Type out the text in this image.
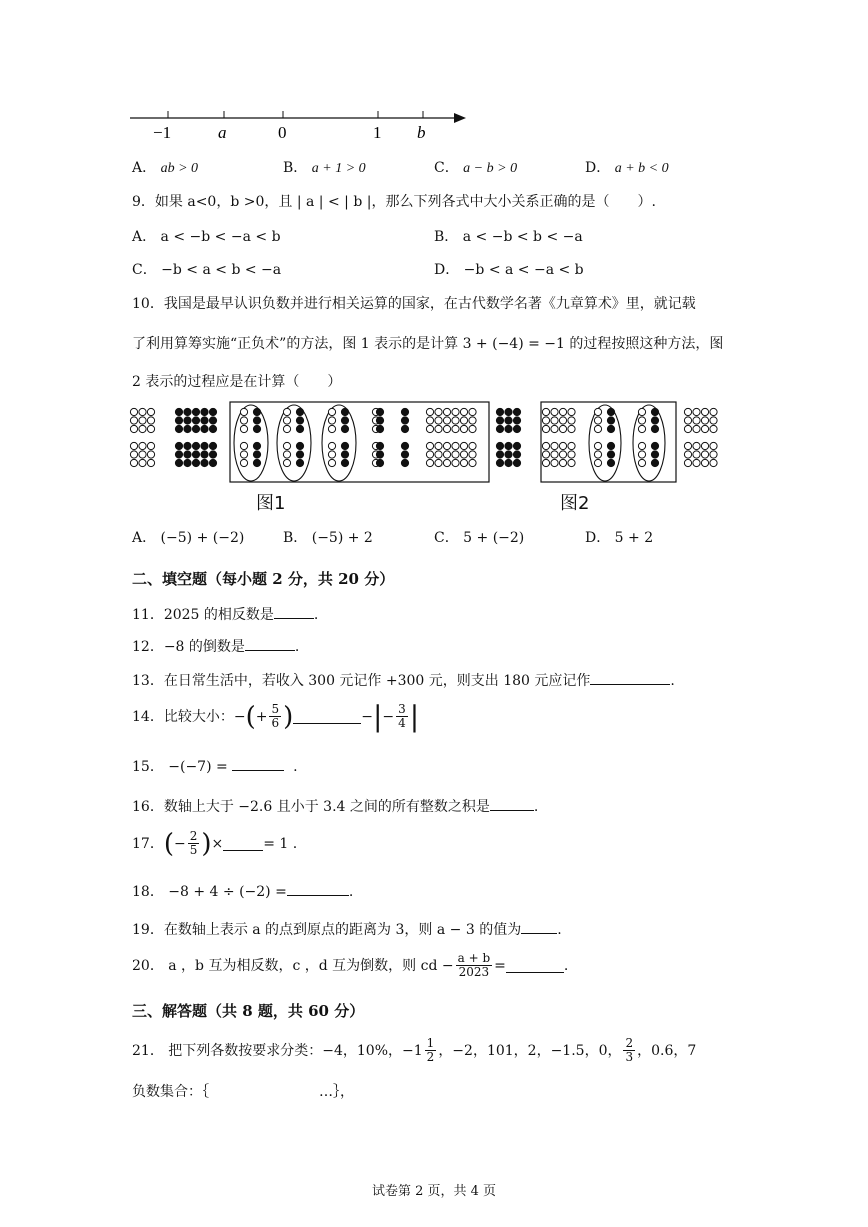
−1	a	0	1 b
A． ab > 0	B． a + 1 > 0	C． a − b > 0	D． a + b < 0
9．如果 a<0，b >0，且 | a | < | b |，那么下列各式中大小关系正确的是（　　）.
A． a < −b < −a < b	B． a < −b < b < −a
C． −b < a < b < −a	D． −b < a < −a < b
10．我国是最早认识负数并进行相关运算的国家，在古代数学名著《九章算术》里，就记载
了利用算筹实施“正负术”的方法，图 1 表示的是计算 3 + (−4) = −1 的过程按照这种方法，图
2 表示的过程应是在计算（　　）
图1	图2
A． (−5) + (−2)	B． (−5) + 2	C． 5 + (−2)	D． 5 + 2
二、填空题（每小题 2 分，共 20 分）
11．2025 的相反数是	.
12．−8 的倒数是	.
13．在日常生活中，若收入 300 元记作 +300 元，则支出 180 元应记作	.
14．比较大小： − ( + $\frac{5}{6}$ )	− | − $\frac{3}{4}$ |
15． −(−7) =	.
16．数轴上大于 −2.6 且小于 3.4 之间的所有整数之积是	.
17． ( − $\frac{2}{5}$ ) ×	= 1 .
18． −8 + 4 ÷ (−2) =	.
19．在数轴上表示 a 的点到原点的距离为 3，则 a − 3 的值为	.
20． a ，b 互为相反数，c ，d 互为倒数，则 cd − $\frac{a + b}{2023}$ =	.
三、解答题（共 8 题，共 60 分）
21． 把下列各数按要求分类：−4，10%，$-1 \frac{1}{2}$ ，−2，101，2，−1.5，0， $\frac{2}{3}$ ，0.6，7
负数集合：｛	…｝，
试卷第 2 页，共 4 页
